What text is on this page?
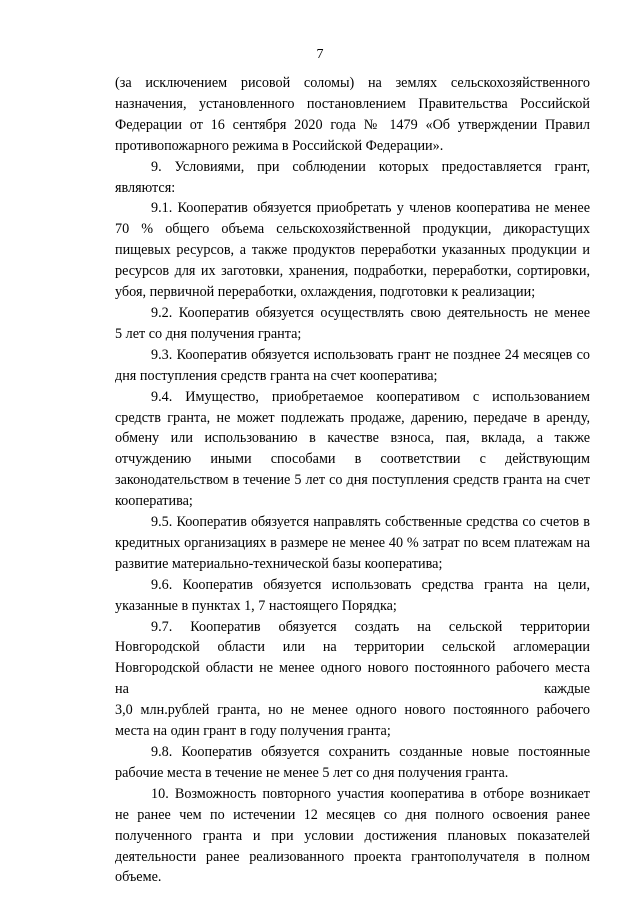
7
(за исключением рисовой соломы) на землях сельскохозяйственного
назначения, установленного постановлением Правительства Российской
Федерации от 16 сентября 2020 года № 1479 «Об утверждении Правил
противопожарного режима в Российской Федерации».
9. Условиями, при соблюдении которых предоставляется грант,
являются:
9.1. Кооператив обязуется приобретать у членов кооператива не менее
70 % общего объема сельскохозяйственной продукции, дикорастущих
пищевых ресурсов, а также продуктов переработки указанных продукции и
ресурсов для их заготовки, хранения, подработки, переработки, сортировки,
убоя, первичной переработки, охлаждения, подготовки к реализации;
9.2. Кооператив обязуется осуществлять свою деятельность не менее
5 лет со дня получения гранта;
9.3. Кооператив обязуется использовать грант не позднее 24 месяцев со
дня поступления средств гранта на счет кооператива;
9.4. Имущество, приобретаемое кооперативом с использованием
средств гранта, не может подлежать продаже, дарению, передаче в аренду,
обмену или использованию в качестве взноса, пая, вклада, а также
отчуждению иными способами в соответствии с действующим
законодательством в течение 5 лет со дня поступления средств гранта на счет
кооператива;
9.5. Кооператив обязуется направлять собственные средства со счетов в
кредитных организациях в размере не менее 40 % затрат по всем платежам на
развитие материально-технической базы кооператива;
9.6. Кооператив обязуется использовать средства гранта на цели,
указанные в пунктах 1, 7 настоящего Порядка;
9.7. Кооператив обязуется создать на сельской территории
Новгородской области или на территории сельской агломерации
Новгородской области не менее одного нового постоянного рабочего места
на каждые
3,0 млн.рублей гранта, но не менее одного нового постоянного рабочего
места на один грант в году получения гранта;
9.8. Кооператив обязуется сохранить созданные новые постоянные
рабочие места в течение не менее 5 лет со дня получения гранта.
10. Возможность повторного участия кооператива в отборе возникает
не ранее чем по истечении 12 месяцев со дня полного освоения ранее
полученного гранта и при условии достижения плановых показателей
деятельности ранее реализованного проекта грантополучателя в полном
объеме.
